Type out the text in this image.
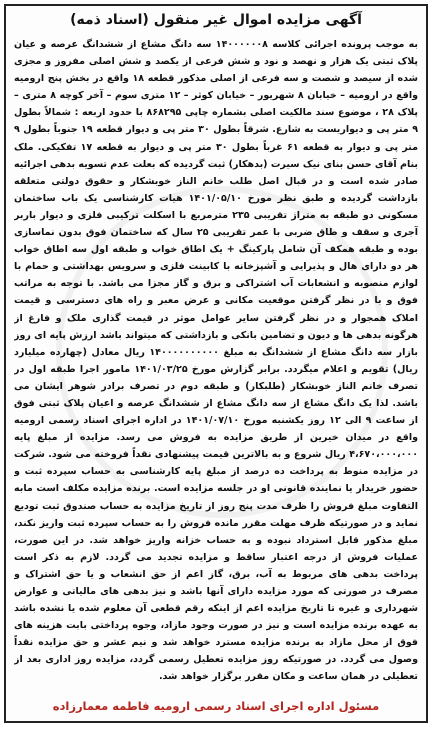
آگهی مزایده اموال غیر منقول (اسناد ذمه)

به موجب پرونده اجرائی کلاسه ۱۴۰۰۰۰۰۰۸ سه دانگ مشاع از ششدانگ عرصه و عیان پلاک ثبتی یک هزار و نهصد و نود و شش فرعی از یکصد و شش اصلی مفروز و مجزی شده از سیصد و شصت و سه فرعی از اصلی مذکور قطعه ۱۸ واقع در بخش پنج ارومیه واقع در ارومیه – خیابان ۸ شهریور – خیابان کوثر – ۱۲ متری سوم – آخر کوچه ۸ متری – پلاک ۲۸ ، موضوع سند مالکیت اصلی بشماره چاپی ۸۶۸۲۹۵ با حدود اربعه : شمالاً بطول ۹ متر پی و دیواریست به شارع. شرقاً بطول ۳۰ متر پی و دیوار قطعه ۱۹ جنوباً بطول ۹ متر پی و دیوار به قطعه ۶۱ غرباً بطول ۳۰ متر پی و دیوار به قطعه ۱۷ تفکیکی. ملک بنام آقای حسن بنای نیک سیرت (بدهکار) ثبت گردیده که بعلت عدم تسویه بدهی اجرائیه صادر شده است و در قبال اصل طلب خانم الناز خوبشکار و حقوق دولتی متعلقه بازداشت گردیده و طبق نظر مورخ ۱۴۰۱/۰۵/۱۰ هیات کارشناسی یک باب ساختمان مسکونی دو طبقه به متراژ تقریبی ۲۳۵ مترمربع با اسکلت ترکیبی فلزی و دیوار باربر آجری و سقف و طاق ضربی با عمر تقریبی ۲۵ سال که ساختمان فوق بدون نماسازی بوده و طبقه همکف آن شامل پارکینگ + یک اطاق خواب و طبقه اول سه اطاق خواب هر دو دارای هال و پذیرایی و آشپزخانه با کابینت فلزی و سرویس بهداشتی و حمام با لوازم منصوبه و انشعابات آب اشتراکی و برق و گاز مجزا می باشد. با توجه به مراتب فوق و با در نظر گرفتن موقعیت مکانی و عرض معبر و راه های دسترسی و قیمت املاک همجوار و در نظر گرفتن سایر عوامل موثر در قیمت گذاری ملک و فارغ از هرگونه بدهی ها و دیون و تضامین بانکی و بازداشتی که میتواند باشد ارزش پایه ای روز بازار سه دانگ مشاع از ششدانگ به مبلغ ۱۴۰۰۰۰۰۰۰۰۰۰ ریال معادل (چهارده میلیارد ریال) تقویم و اعلام میگردد. برابر گزارش مورخ ۱۴۰۱/۰۳/۲۵ مامور اجرا طبقه اول در تصرف خانم الناز خوبشکار (طلبکار) و طبقه دوم در تصرف برادر شوهر ایشان می باشد. لذا یک دانگ مشاع از سه دانگ مشاع از ششدانگ عرصه و اعیان پلاک ثبتی فوق از ساعت ۹ الی ۱۲ روز یکشنبه مورخ ۱۴۰۱/۰۷/۱۰ در اداره اجرای اسناد رسمی ارومیه واقع در میدان خیرین از طریق مزایده به فروش می رسد. مزایده از مبلغ پایه ۴،۶۷۰،۰۰۰،۰۰۰ ریال شروع و به بالاترین قیمت پیشنهادی نقداً فروخته می شود. شرکت در مزایده منوط به پرداخت ده درصد از مبلغ پایه کارشناسی به حساب سپرده ثبت و حضور خریدار یا نماینده قانونی او در جلسه مزایده است. برنده مزایده مکلف است مابه التفاوت مبلغ فروش را ظرف مدت پنج روز از تاریخ مزایده به حساب صندوق ثبت تودیع نماید و در صورتیکه ظرف مهلت مقرر مانده فروش را به حساب سپرده ثبت واریز نکند، مبلغ مذکور قابل استرداد نبوده و به حساب خزانه واریز خواهد شد. در این صورت، عملیات فروش از درجه اعتبار ساقط و مزایده تجدید می گردد. لازم به ذکر است پرداخت بدهی های مربوط به آب، برق، گاز اعم از حق انشعاب و یا حق اشتراک و مصرف در صورتی که مورد مزایده دارای آنها باشد و نیز بدهی های مالیاتی و عوارض شهرداری و غیره تا تاریخ مزایده اعم از اینکه رقم قطعی آن معلوم شده یا نشده باشد به عهده برنده مزایده است و نیز در صورت وجود مازاد، وجوه پرداختی بابت هزینه های فوق از محل مازاد به برنده مزایده مسترد خواهد شد و نیم عشر و حق مزایده نقداً وصول می گردد. در صورتیکه روز مزایده تعطیل رسمی گردد، مزایده روز اداری بعد از تعطیلی در همان ساعت و مکان مقرر برگزار خواهد شد.

مسئول اداره اجرای اسناد رسمی ارومیه فاطمه معمارزاده
